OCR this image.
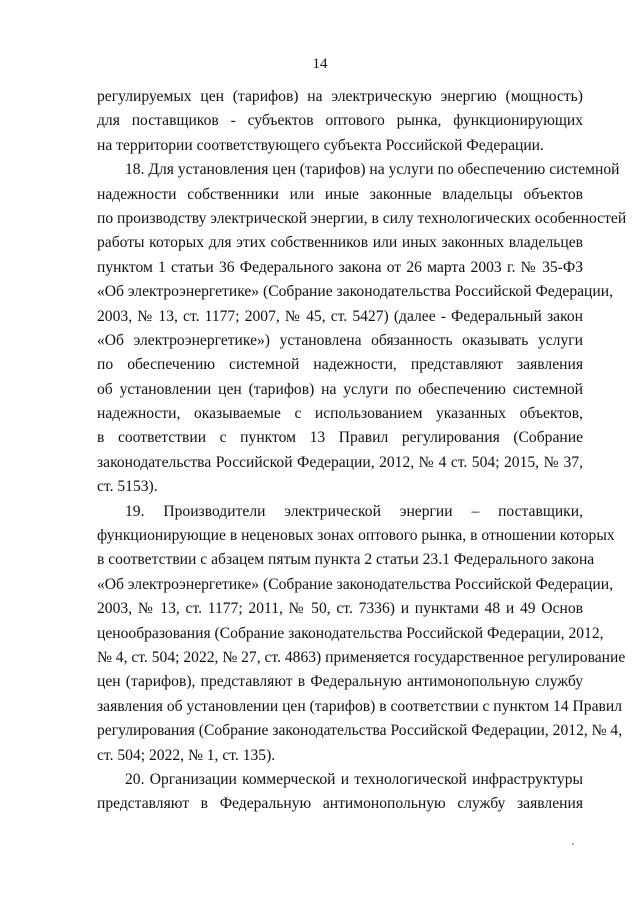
14
регулируемых цен (тарифов) на электрическую энергию (мощность)
для поставщиков - субъектов оптового рынка, функционирующих
на территории соответствующего субъекта Российской Федерации.
18. Для установления цен (тарифов) на услуги по обеспечению системной
надежности собственники или иные законные владельцы объектов
по производству электрической энергии, в силу технологических особенностей
работы которых для этих собственников или иных законных владельцев
пунктом 1 статьи 36 Федерального закона от 26 марта 2003 г. № 35-ФЗ
«Об электроэнергетике» (Собрание законодательства Российской Федерации,
2003, № 13, ст. 1177; 2007, № 45, ст. 5427) (далее - Федеральный закон
«Об электроэнергетике») установлена обязанность оказывать услуги
по обеспечению системной надежности, представляют заявления
об установлении цен (тарифов) на услуги по обеспечению системной
надежности, оказываемые с использованием указанных объектов,
в соответствии с пунктом 13 Правил регулирования (Собрание
законодательства Российской Федерации, 2012, № 4 ст. 504; 2015, № 37,
ст. 5153).
19. Производители электрической энергии – поставщики,
функционирующие в неценовых зонах оптового рынка, в отношении которых
в соответствии с абзацем пятым пункта 2 статьи 23.1 Федерального закона
«Об электроэнергетике» (Собрание законодательства Российской Федерации,
2003, № 13, ст. 1177; 2011, № 50, ст. 7336) и пунктами 48 и 49 Основ
ценообразования (Собрание законодательства Российской Федерации, 2012,
№ 4, ст. 504; 2022, № 27, ст. 4863) применяется государственное регулирование
цен (тарифов), представляют в Федеральную антимонопольную службу
заявления об установлении цен (тарифов) в соответствии с пунктом 14 Правил
регулирования (Собрание законодательства Российской Федерации, 2012, № 4,
ст. 504; 2022, № 1, ст. 135).
20. Организации коммерческой и технологической инфраструктуры
представляют в Федеральную антимонопольную службу заявления
